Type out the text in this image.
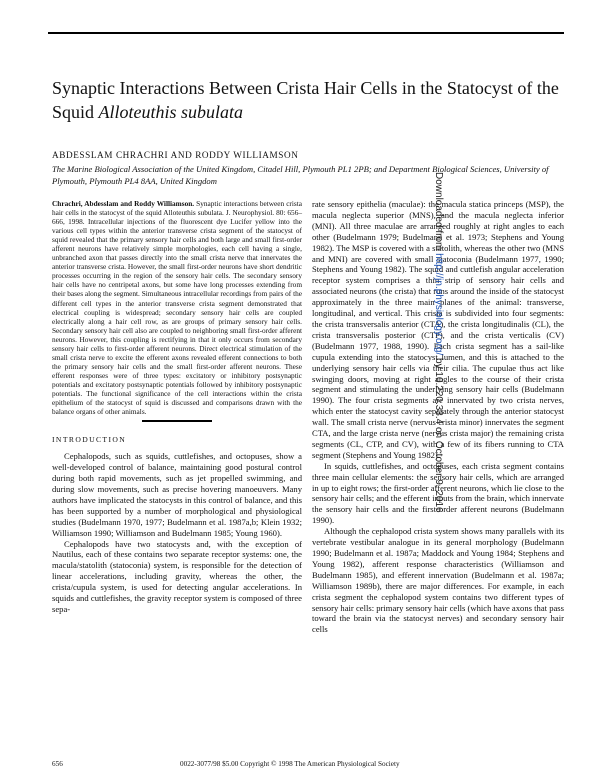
Synaptic Interactions Between Crista Hair Cells in the Statocyst of the Squid Alloteuthis subulata
ABDESSLAM CHRACHRI AND RODDY WILLIAMSON
The Marine Biological Association of the United Kingdom, Citadel Hill, Plymouth PL1 2PB; and Department Biological Sciences, University of Plymouth, Plymouth PL4 8AA, United Kingdom
Chrachri, Abdesslam and Roddy Williamson. Synaptic interactions between crista hair cells in the statocyst of the squid Alloteuthis subulata. J. Neurophysiol. 80: 656–666, 1998. Intracellular injections of the fluorescent dye Lucifer yellow into the various cell types within the anterior transverse crista segment of the statocyst of squid revealed that the primary sensory hair cells and both large and small first-order afferent neurons have relatively simple morphologies, each cell having a single, unbranched axon that passes directly into the small crista nerve that innervates the anterior transverse crista. However, the small first-order neurons have short dendritic processes occurring in the region of the sensory hair cells. The secondary sensory hair cells have no centripetal axons, but some have long processes extending from their bases along the segment. Simultaneous intracellular recordings from pairs of the different cell types in the anterior transverse crista segment demonstrated that electrical coupling is widespread; secondary sensory hair cells are coupled electrically along a hair cell row, as are groups of primary sensory hair cells. Secondary sensory hair cell also are coupled to neighboring small first-order afferent neurons. However, this coupling is rectifying in that it only occurs from secondary sensory hair cells to first-order afferent neurons. Direct electrical stimulation of the small crista nerve to excite the efferent axons revealed efferent connections to both the primary sensory hair cells and the small first-order afferent neurons. These efferent responses were of three types: excitatory or inhibitory postsynaptic potentials and excitatory postsynaptic potentials followed by inhibitory postsynaptic potentials. The functional significance of the cell interactions within the crista epithelium of the statocyst of squid is discussed and comparisons drawn with the balance organs of other animals.
INTRODUCTION

Cephalopods, such as squids, cuttlefishes, and octopuses, show a well-developed control of balance, maintaining good postural control during both rapid movements, such as jet propelled swimming, and during slow movements, such as precise hovering manoeuvers. Many authors have implicated the statocysts in this control of balance, and this has been supported by a number of morphological and physiological studies (Budelmann 1970, 1977; Budelmann et al. 1987a,b; Klein 1932; Williamson 1990; Williamson and Budelmann 1985; Young 1960).

Cephalopods have two statocysts and, with the exception of Nautilus, each of these contains two separate receptor systems: one, the macula/statolith (statoconia) system, is responsible for the detection of linear accelerations, including gravity, whereas the other, the crista/cupula system, is used for detecting angular accelerations. In squids and cuttlefishes, the gravity receptor system is composed of three sepa-

rate sensory epithelia (maculae): the macula statica princeps (MSP), the macula neglecta superior (MNS), and the macula neglecta inferior (MNI). All three maculae are arranged roughly at right angles to each other (Budelmann 1979; Budelmann et al. 1973; Stephens and Young 1982). The MSP is covered with a statolith, whereas the other two (MNS and MNI) are covered with small statoconia (Budelmann 1977, 1990; Stephens and Young 1982). The squid and cuttlefish angular acceleration receptor system comprises a thin strip of sensory hair cells and associated neurons (the crista) that runs around the inside of the statocyst approximately in the three main planes of the animal: transverse, longitudinal, and vertical. This crista is subdivided into four segments: the crista transversalis anterior (CTA), the crista longitudinalis (CL), the crista transversalis posterior (CTP), and the crista verticalis (CV) (Budelmann 1977, 1988, 1990). Each crista segment has a sail-like cupula extending into the statocyst lumen, and this is attached to the underlying sensory hair cells via their cilia. The cupulae thus act like swinging doors, moving at right angles to the course of their crista segment and stimulating the underlying sensory hair cells (Budelmann 1990). The four crista segments are innervated by two crista nerves, which enter the statocyst cavity separately through the anterior statocyst wall. The small crista nerve (nervus crista minor) innervates the segment CTA, and the large crista nerve (nervus crista major) the remaining crista segments (CL, CTP, and CV), with a few of its fibers running to CTA segment (Stephens and Young 1982).

In squids, cuttlefishes, and octopuses, each crista segment contains three main cellular elements: the sensory hair cells, which are arranged in up to eight rows; the first-order afferent neurons, which lie close to the sensory hair cells; and the efferent inputs from the brain, which innervate the sensory hair cells and the first-order afferent neurons (Budelmann 1990).

Although the cephalopod crista system shows many parallels with its vertebrate vestibular analogue in its general morphology (Budelmann 1990; Budelmann et al. 1987a; Maddock and Young 1984; Stephens and Young 1982), afferent response characteristics (Williamson and Budelmann 1985), and efferent innervation (Budelmann et al. 1987a; Williamson 1989b), there are major differences. For example, in each crista segment the cephalopod system contains two different types of sensory hair cells: primary sensory hair cells (which have axons that pass toward the brain via the statocyst nerves) and secondary sensory hair cells

656	0022-3077/98 $5.00 Copyright © 1998 The American Physiological Society
Downloaded from http://jn.physiology.org/ by 10.220.33.4 on October 9, 2016
